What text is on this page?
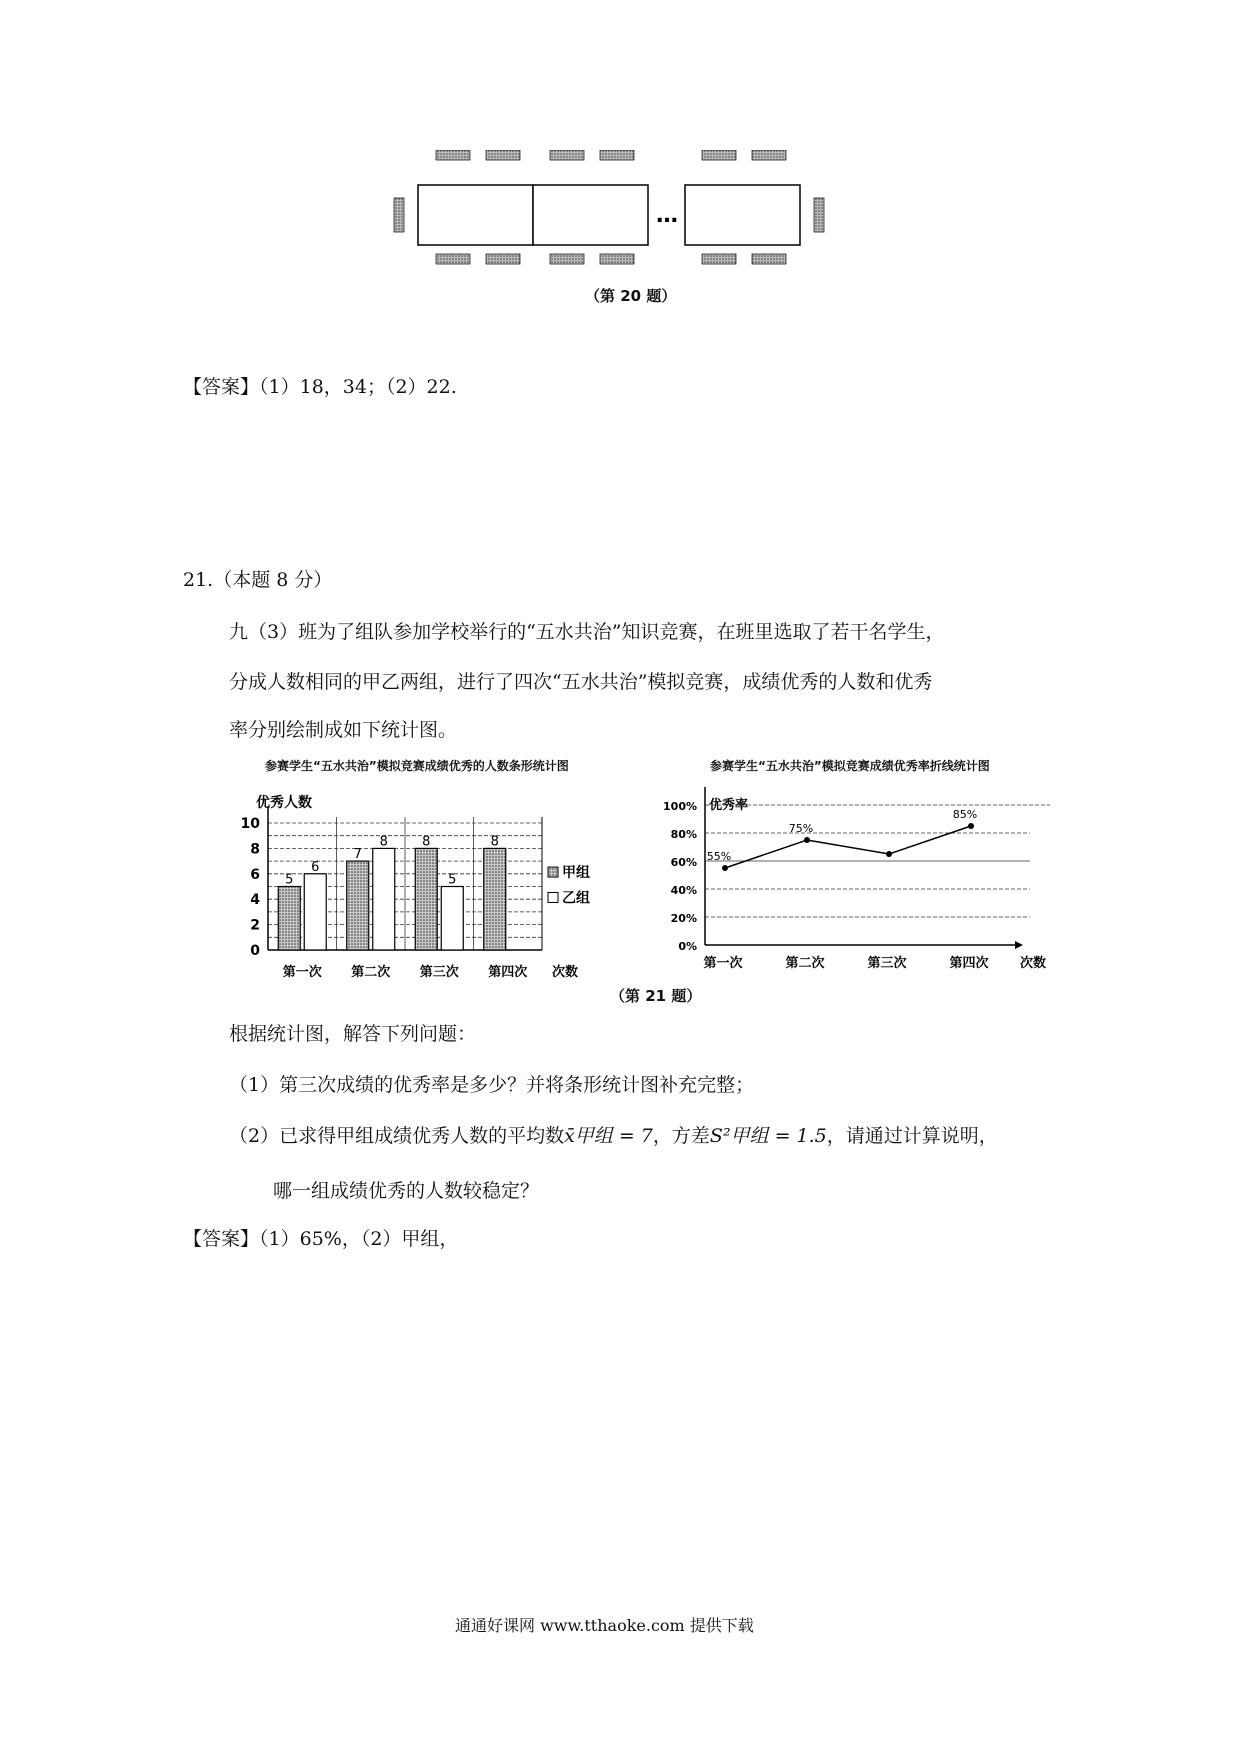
…
（第 20 题）
【答案】（1）18，34；（2）22.
21.（本题 8 分）
九（3）班为了组队参加学校举行的“五水共治”知识竞赛，在班里选取了若干名学生，
分成人数相同的甲乙两组，进行了四次“五水共治”模拟竞赛，成绩优秀的人数和优秀
率分别绘制成如下统计图。
参赛学生“五水共治”模拟竞赛成绩优秀的人数条形统计图	参赛学生“五水共治”模拟竞赛成绩优秀率折线统计图
优秀人数
0
2
4
6
8
10
第一次 第二次 第三次 第四次 次数
5
7
8	8
6
8
5	甲组
乙组
优秀率
0%
20%
40%
60%
80%
100%
次数
第一次	第二次	第三次	第四次
55%
75%
85%
（第 21 题）
根据统计图，解答下列问题：
（1）第三次成绩的优秀率是多少？并将条形统计图补充完整；
（2）已求得甲组成绩优秀人数的平均数x̄甲组 = 7，方差S²甲组 = 1.5，请通过计算说明，
哪一组成绩优秀的人数较稳定？
【答案】（1）65%，（2）甲组，
通通好课网 www.tthaoke.com 提供下载
